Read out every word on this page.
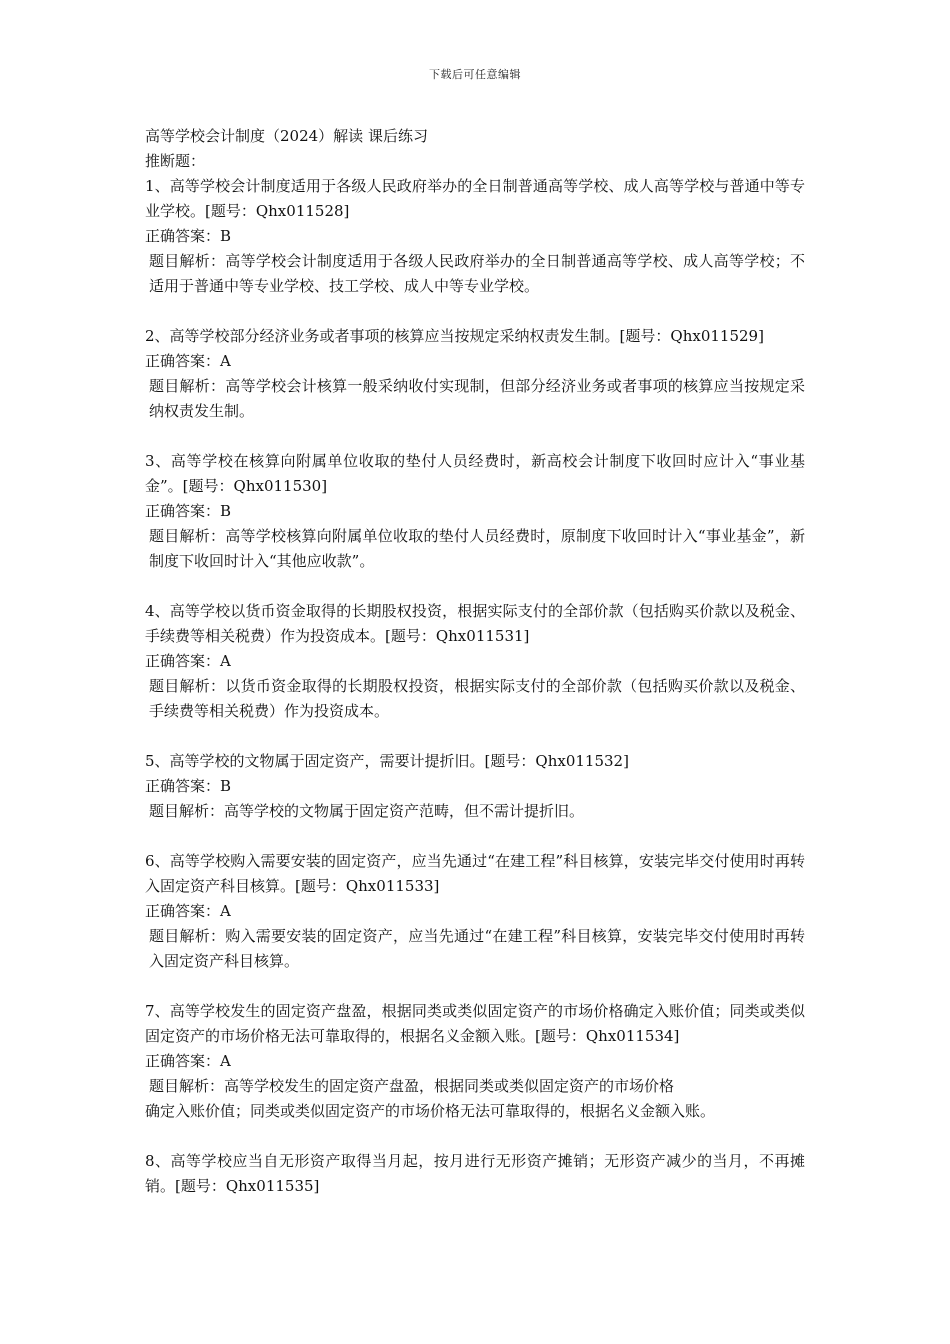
下载后可任意编辑
高等学校会计制度（2024）解读 课后练习
推断题：
1、高等学校会计制度适用于各级人民政府举办的全日制普通高等学校、成人高等学校与普通中等专业学校。[题号：Qhx011528]
正确答案：B
题目解析：高等学校会计制度适用于各级人民政府举办的全日制普通高等学校、成人高等学校；不适用于普通中等专业学校、技工学校、成人中等专业学校。
2、高等学校部分经济业务或者事项的核算应当按规定采纳权责发生制。[题号：Qhx011529]
正确答案：A
题目解析：高等学校会计核算一般采纳收付实现制，但部分经济业务或者事项的核算应当按规定采纳权责发生制。
3、高等学校在核算向附属单位收取的垫付人员经费时，新高校会计制度下收回时应计入“事业基金”。[题号：Qhx011530]
正确答案：B
题目解析：高等学校核算向附属单位收取的垫付人员经费时，原制度下收回时计入“事业基金”，新制度下收回时计入“其他应收款”。
4、高等学校以货币资金取得的长期股权投资，根据实际支付的全部价款（包括购买价款以及税金、手续费等相关税费）作为投资成本。[题号：Qhx011531]
正确答案：A
题目解析：以货币资金取得的长期股权投资，根据实际支付的全部价款（包括购买价款以及税金、手续费等相关税费）作为投资成本。
5、高等学校的文物属于固定资产，需要计提折旧。[题号：Qhx011532]
正确答案：B
题目解析：高等学校的文物属于固定资产范畴，但不需计提折旧。
6、高等学校购入需要安装的固定资产，应当先通过“在建工程”科目核算，安装完毕交付使用时再转入固定资产科目核算。[题号：Qhx011533]
正确答案：A
题目解析：购入需要安装的固定资产，应当先通过“在建工程”科目核算，安装完毕交付使用时再转入固定资产科目核算。
7、高等学校发生的固定资产盘盈，根据同类或类似固定资产的市场价格确定入账价值；同类或类似固定资产的市场价格无法可靠取得的，根据名义金额入账。[题号：Qhx011534]
正确答案：A
题目解析：高等学校发生的固定资产盘盈，根据同类或类似固定资产的市场价格
确定入账价值；同类或类似固定资产的市场价格无法可靠取得的，根据名义金额入账。
8、高等学校应当自无形资产取得当月起，按月进行无形资产摊销；无形资产减少的当月，不再摊销。[题号：Qhx011535]
